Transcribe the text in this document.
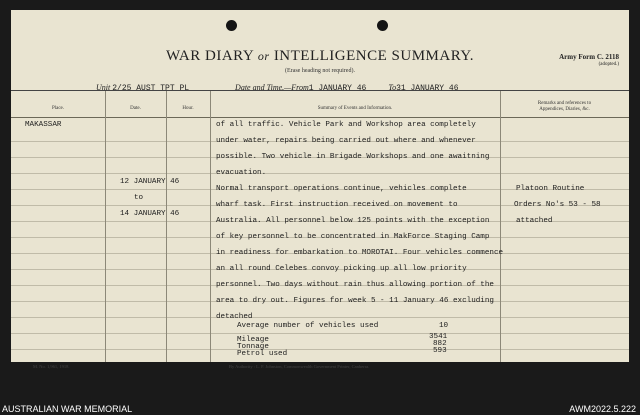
WAR DIARY or INTELLIGENCE SUMMARY.
(Erase heading not required).
Army Form C. 2118
(adopted.)
Unit 2/25 AUST TPT PL	Date and Time.—From1 JANUARY 46	To31 JANUARY 46
Place.	Date.	Hour.	Summary of Events and Information.
Remarks and references to
Appendices, Diaries, &c.
MAKASSAR
12 JANUARY 46
to
14 JANUARY 46
of all traffic. Vehicle Park and Workshop area completely
under water, repairs being carried out where and whenever
possible. Two vehicle in Brigade Workshops and one awaitning
evacuation.
Normal transport operations continue, vehicles complete
wharf task. First instruction received on movement to
Australia. All personnel below 125 points with the exception
of key personnel to be concentrated in MakForce Staging Camp
in readiness for embarkation to MOROTAI. Four vehicles commence
an all round Celebes convoy picking up all low priority
personnel. Two days without rain thus allowing portion of the
area to dry out. Figures for week 5 - 11 January 46 excluding
detached
Platoon Routine
Orders No's 53 - 58
attached
Average number of vehicles used	10
Mileage	3541
Tonnage	882
Petrol used	593
M. No. 1,961, 1918.	By Authority : L. F. Johnston, Commonwealth Government Printer, Canberra.
AUSTRALIAN WAR MEMORIAL	AWM2022.5.222
